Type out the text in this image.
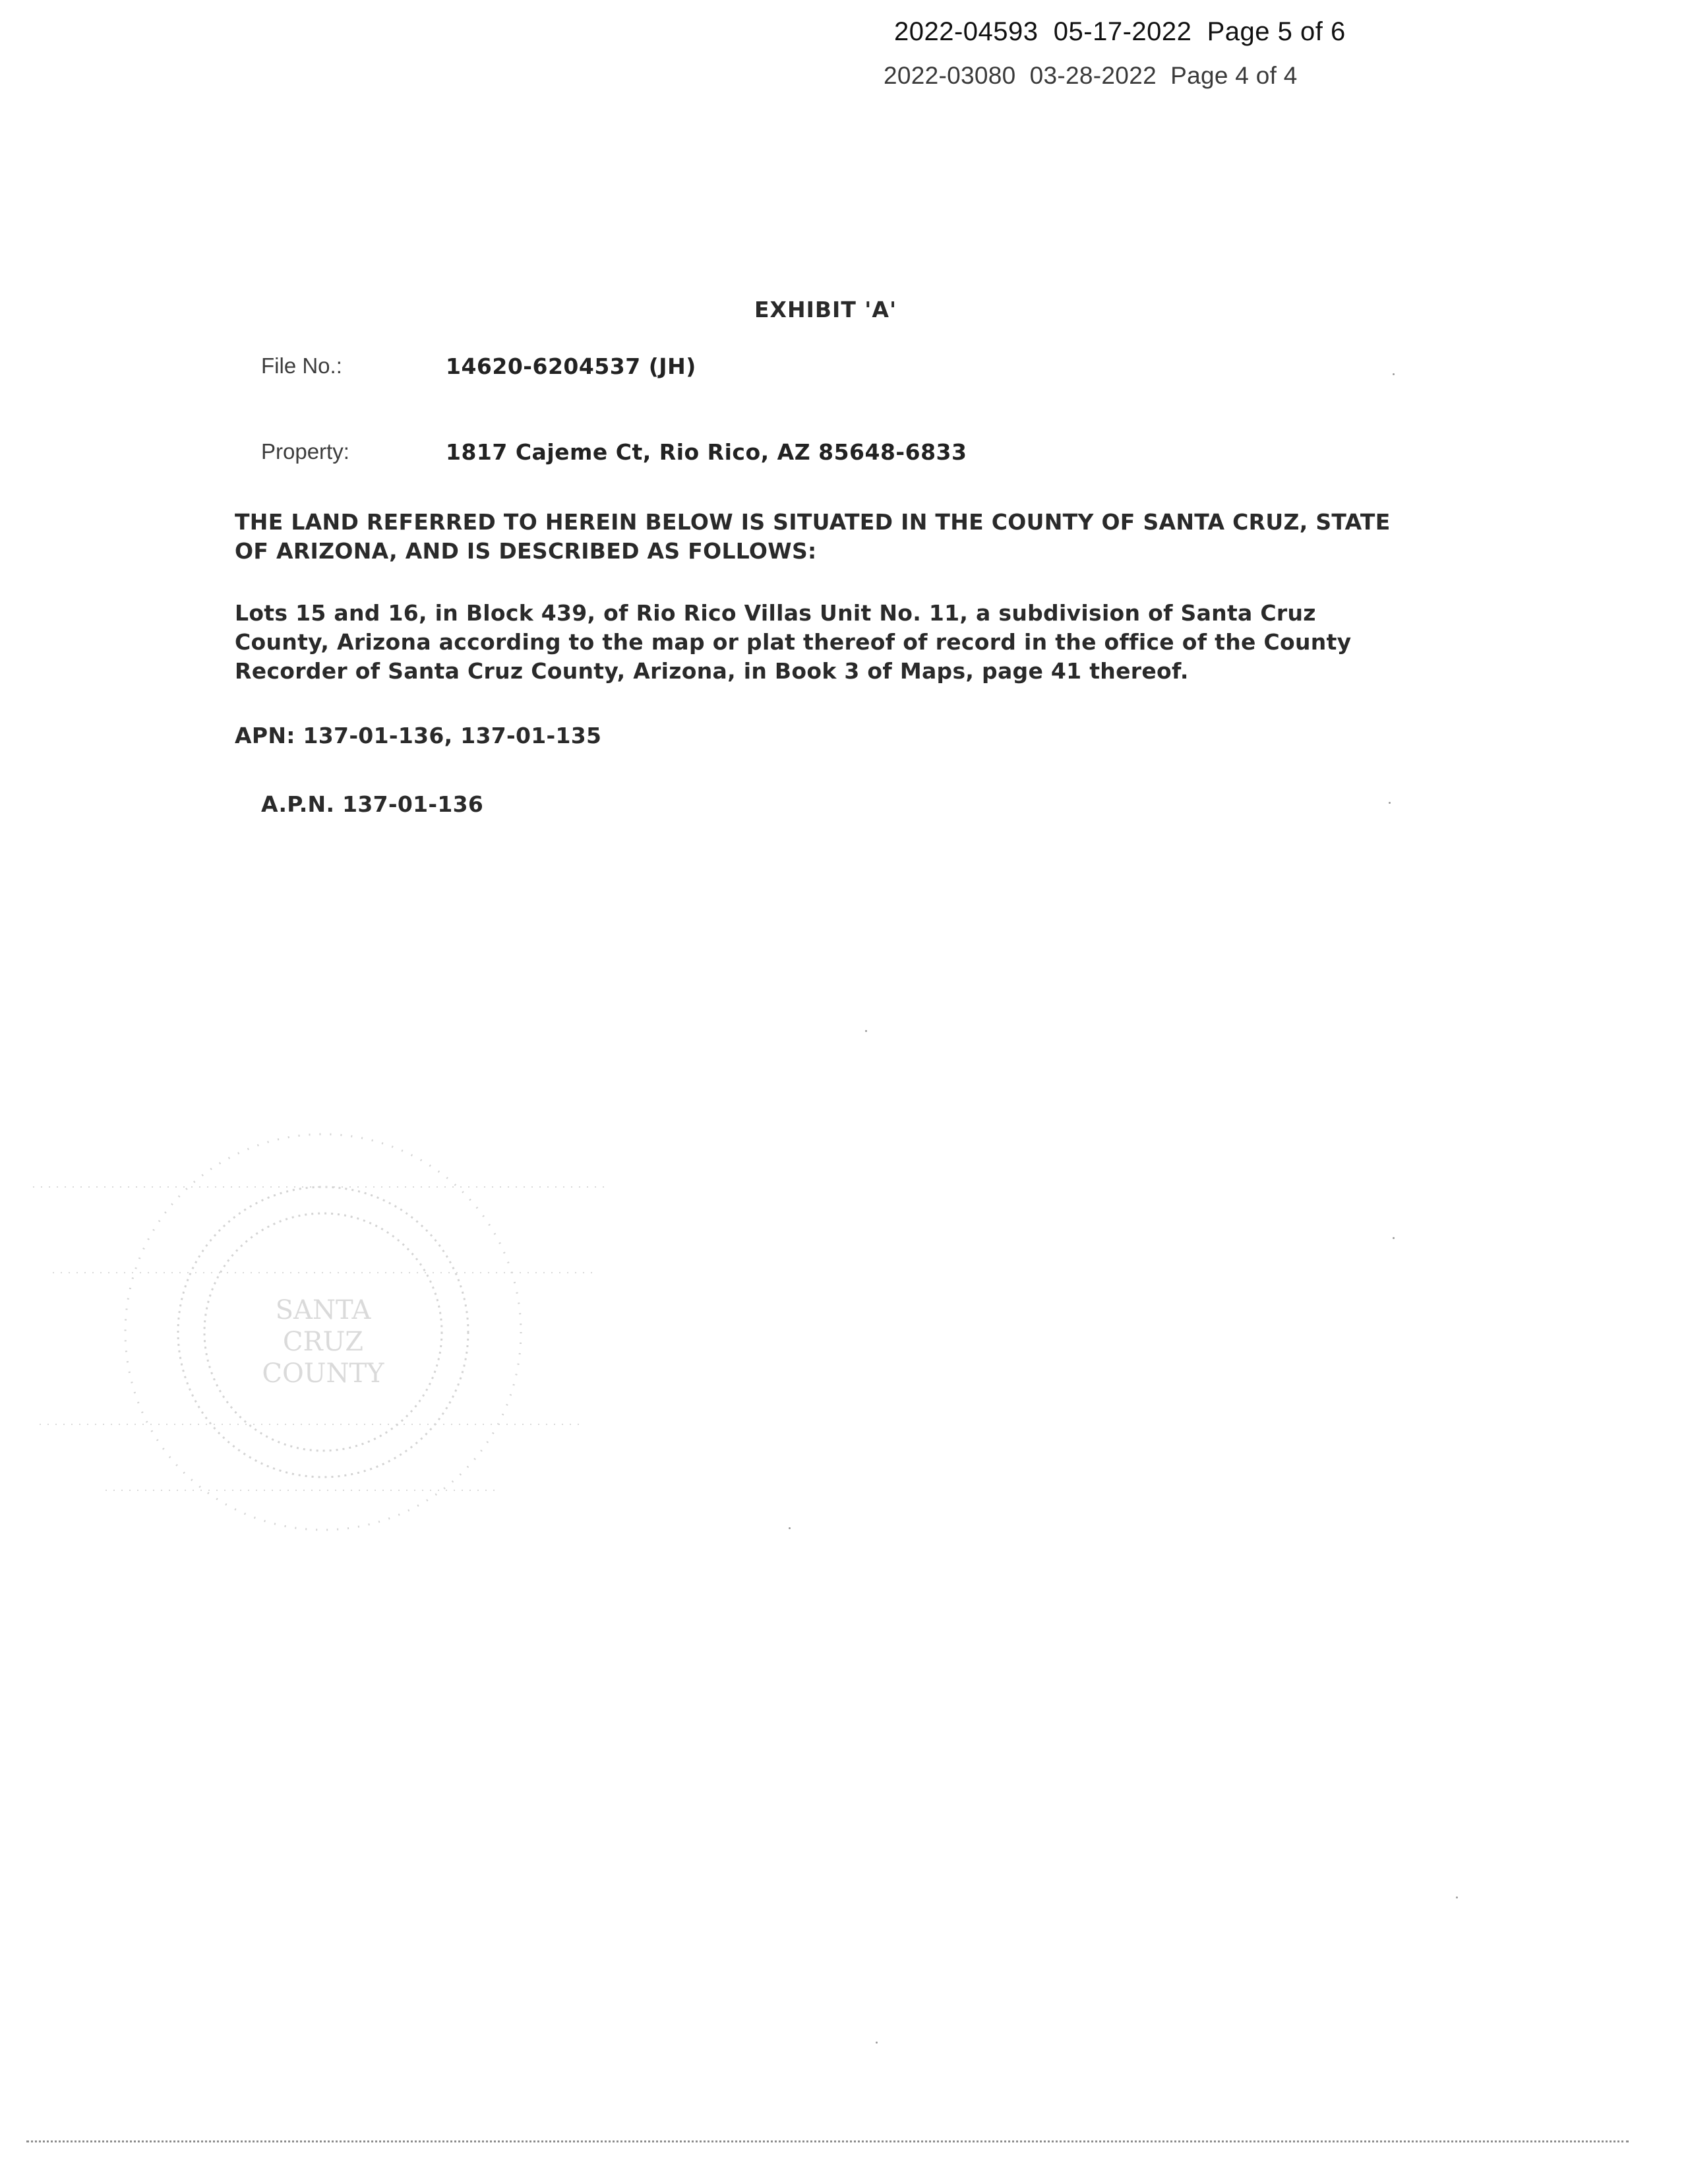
2022-04593  05-17-2022  Page 5 of 6
2022-03080  03-28-2022  Page 4 of 4
EXHIBIT 'A'
File No.:	14620-6204537 (JH)
Property:	1817 Cajeme Ct, Rio Rico, AZ 85648-6833
THE LAND REFERRED TO HEREIN BELOW IS SITUATED IN THE COUNTY OF SANTA CRUZ, STATE OF ARIZONA, AND IS DESCRIBED AS FOLLOWS:
Lots 15 and 16, in Block 439, of Rio Rico Villas Unit No. 11, a subdivision of Santa Cruz County, Arizona according to the map or plat thereof of record in the office of the County Recorder of Santa Cruz County, Arizona, in Book 3 of Maps, page 41 thereof.
APN: 137-01-136, 137-01-135
A.P.N. 137-01-136
SANTA
CRUZ
COUNTY
